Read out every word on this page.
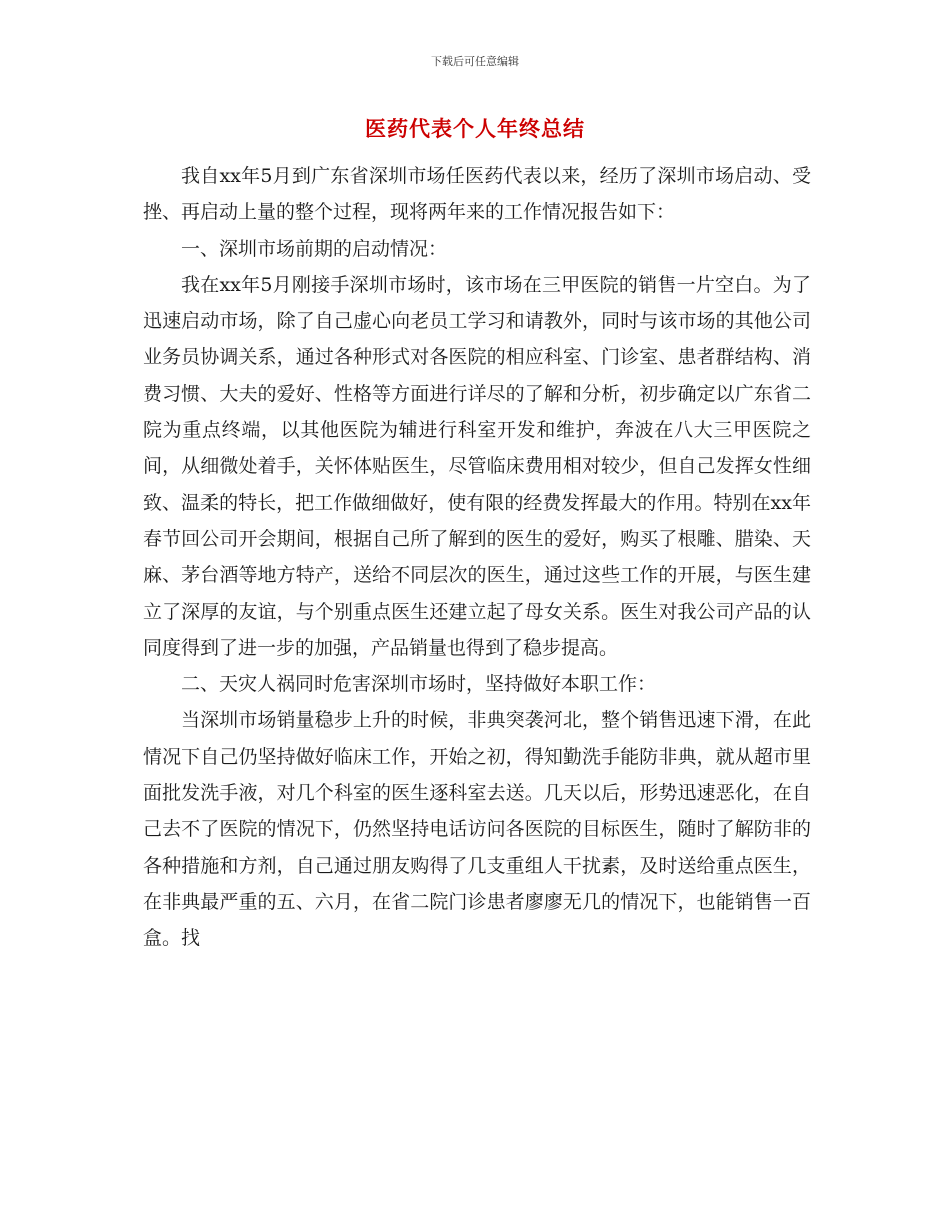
下载后可任意编辑
医药代表个人年终总结

我自xx年5月到广东省深圳市场任医药代表以来，经历了深圳市场启动、受挫、再启动上量的整个过程，现将两年来的工作情况报告如下：

一、深圳市场前期的启动情况：

我在xx年5月刚接手深圳市场时，该市场在三甲医院的销售一片空白。为了迅速启动市场，除了自己虚心向老员工学习和请教外，同时与该市场的其他公司业务员协调关系，通过各种形式对各医院的相应科室、门诊室、患者群结构、消费习惯、大夫的爱好、性格等方面进行详尽的了解和分析，初步确定以广东省二院为重点终端，以其他医院为辅进行科室开发和维护，奔波在八大三甲医院之间，从细微处着手，关怀体贴医生，尽管临床费用相对较少，但自己发挥女性细致、温柔的特长，把工作做细做好，使有限的经费发挥最大的作用。特别在xx年春节回公司开会期间，根据自己所了解到的医生的爱好，购买了根雕、腊染、天麻、茅台酒等地方特产，送给不同层次的医生，通过这些工作的开展，与医生建立了深厚的友谊，与个别重点医生还建立起了母女关系。医生对我公司产品的认同度得到了进一步的加强，产品销量也得到了稳步提高。

二、天灾人祸同时危害深圳市场时，坚持做好本职工作：

当深圳市场销量稳步上升的时候，非典突袭河北，整个销售迅速下滑，在此情况下自己仍坚持做好临床工作，开始之初，得知勤洗手能防非典，就从超市里面批发洗手液，对几个科室的医生逐科室去送。几天以后，形势迅速恶化，在自己去不了医院的情况下，仍然坚持电话访问各医院的目标医生，随时了解防非的各种措施和方剂，自己通过朋友购得了几支重组人干扰素，及时送给重点医生，在非典最严重的五、六月，在省二院门诊患者廖廖无几的情况下，也能销售一百盒。找
